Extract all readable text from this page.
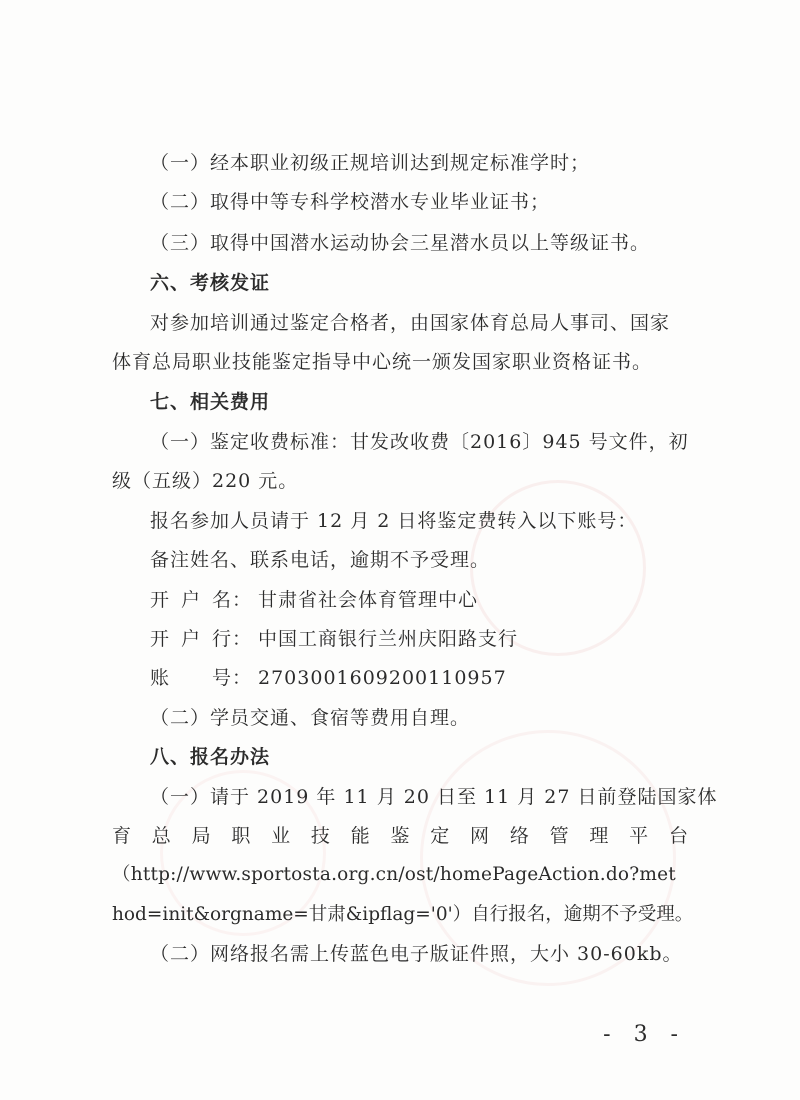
（一）经本职业初级正规培训达到规定标准学时；
（二）取得中等专科学校潜水专业毕业证书；
（三）取得中国潜水运动协会三星潜水员以上等级证书。
六、考核发证
对参加培训通过鉴定合格者，由国家体育总局人事司、国家
体育总局职业技能鉴定指导中心统一颁发国家职业资格证书。
七、相关费用
（一）鉴定收费标准：甘发改收费〔2016〕945 号文件，初
级（五级）220 元。
报名参加人员请于 12 月 2 日将鉴定费转入以下账号：
备注姓名、联系电话，逾期不予受理。
开 户 名： 甘肃省社会体育管理中心
开 户 行： 中国工商银行兰州庆阳路支行
账 号： 2703001609200110957
（二）学员交通、食宿等费用自理。
八、报名办法
（一）请于 2019 年 11 月 20 日至 11 月 27 日前登陆国家体
育 总 局 职 业 技 能 鉴 定 网 络 管 理 平 台
（http://www.sportosta.org.cn/ost/homePageAction.do?met
hod=init&orgname=甘肃&ipflag='0'）自行报名，逾期不予受理。
（二）网络报名需上传蓝色电子版证件照，大小 30-60kb。
- 3 -
